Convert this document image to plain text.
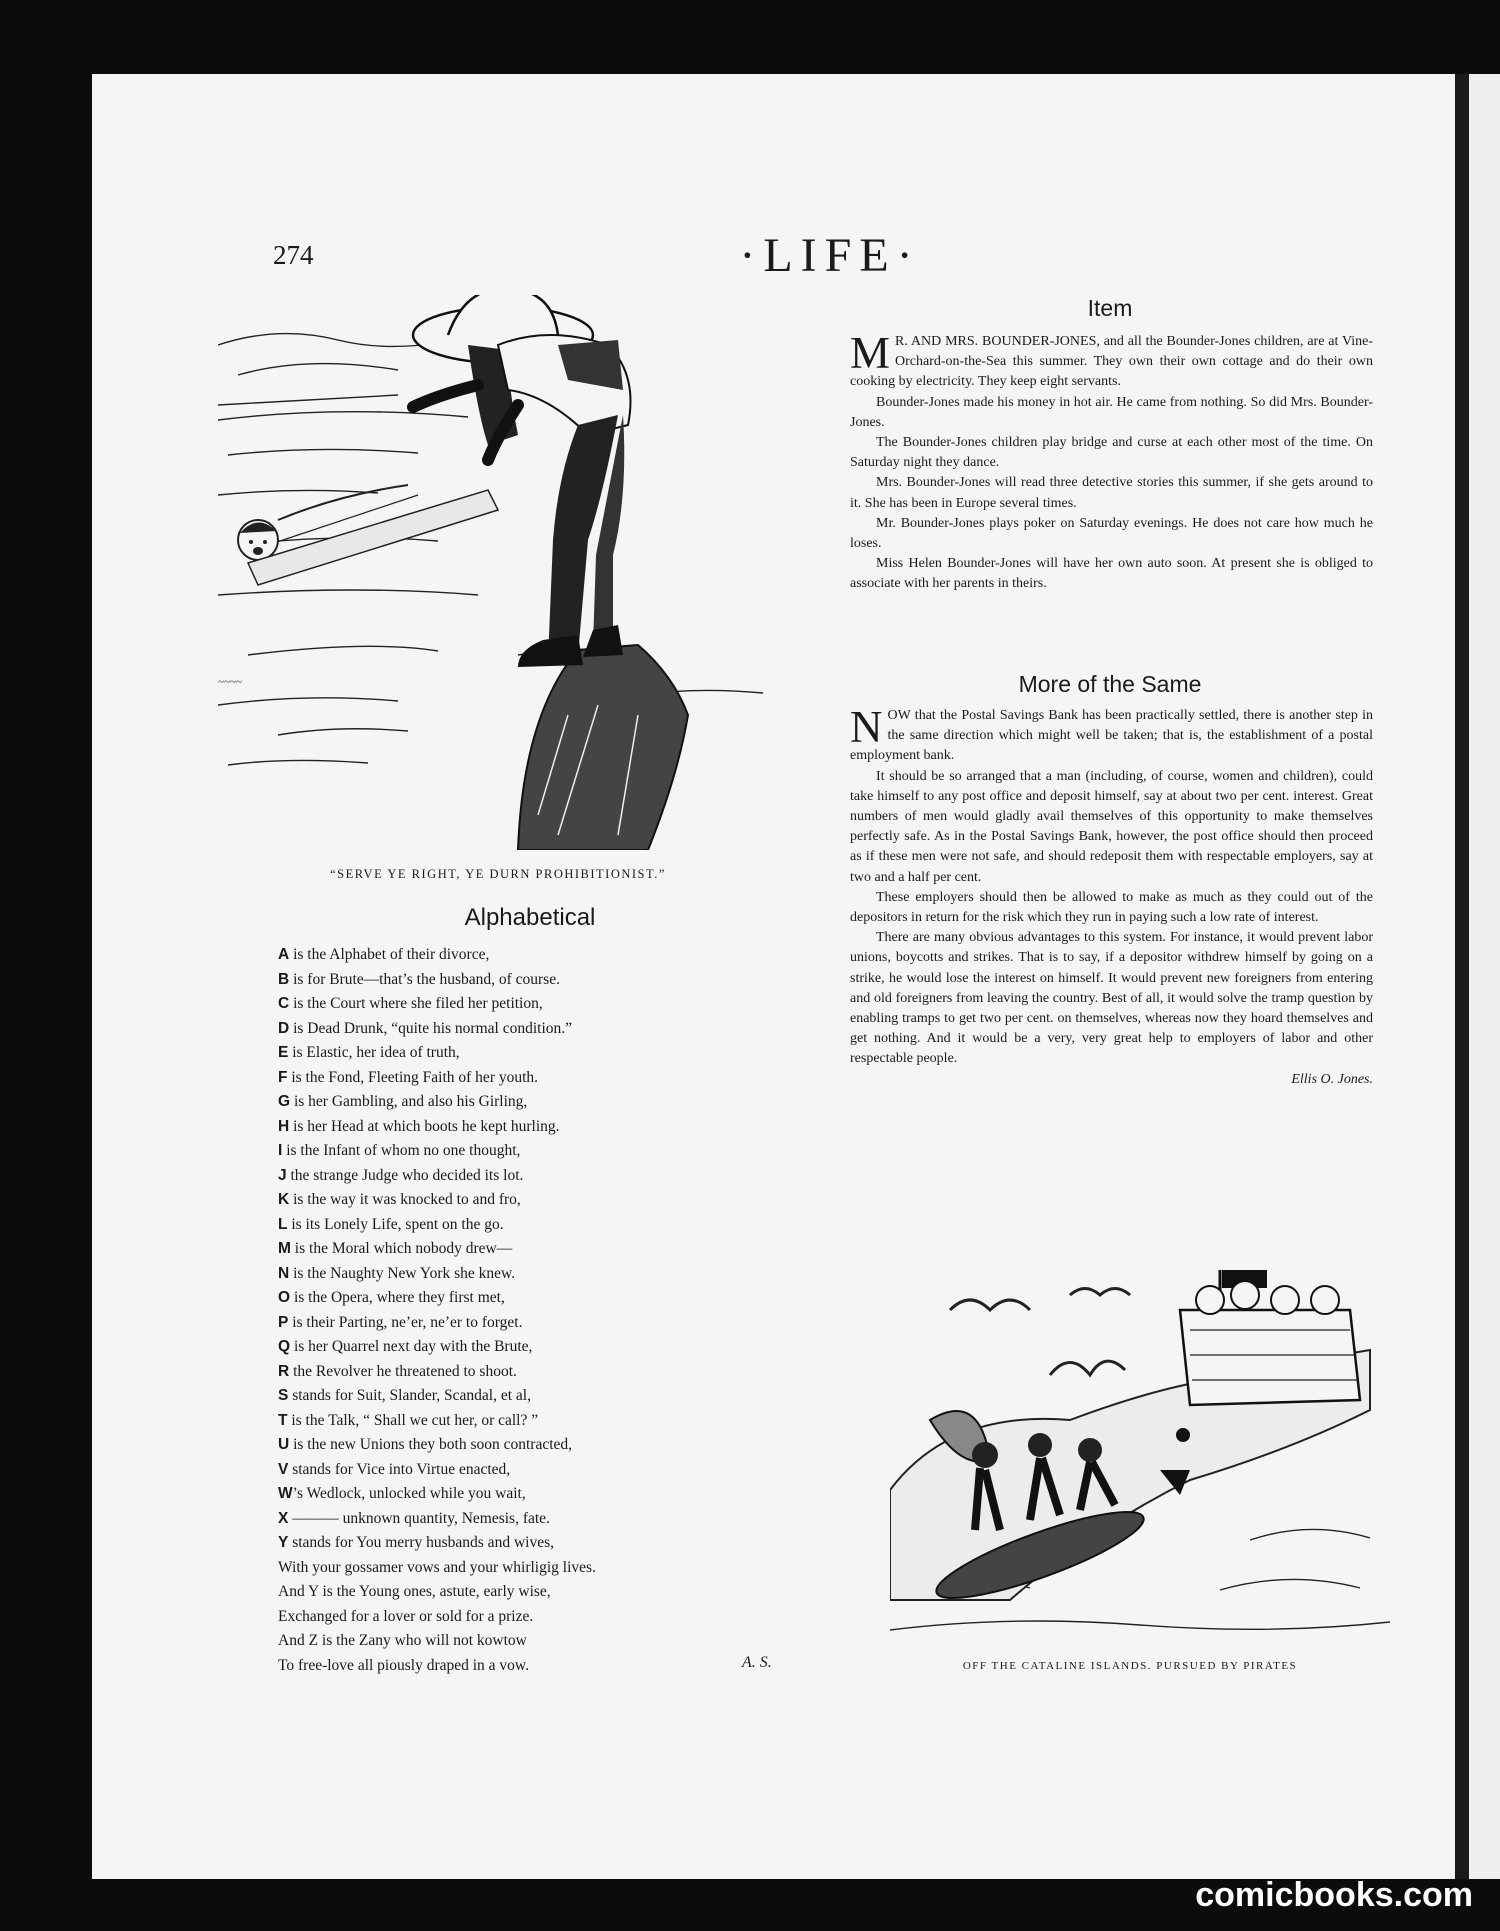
274	·LIFE·
~~~~
“SERVE YE RIGHT, YE DURN PROHIBITIONIST.”
Alphabetical
A is the Alphabet of their divorce,
B is for Brute—that’s the husband, of course.
C is the Court where she filed her petition,
D is Dead Drunk, “quite his normal condition.”
E is Elastic, her idea of truth,
F is the Fond, Fleeting Faith of her youth.
G is her Gambling, and also his Girling,
H is her Head at which boots he kept hurling.
I is the Infant of whom no one thought,
J the strange Judge who decided its lot.
K is the way it was knocked to and fro,
L is its Lonely Life, spent on the go.
M is the Moral which nobody drew—
N is the Naughty New York she knew.
O is the Opera, where they first met,
P is their Parting, ne’er, ne’er to forget.
Q is her Quarrel next day with the Brute,
R the Revolver he threatened to shoot.
S stands for Suit, Slander, Scandal, et al,
T is the Talk, “ Shall we cut her, or call? ”
U is the new Unions they both soon contracted,
V stands for Vice into Virtue enacted,
W’s Wedlock, unlocked while you wait,
X ——— unknown quantity, Nemesis, fate.
Y stands for You merry husbands and wives,
With your gossamer vows and your whirligig lives.
And Y is the Young ones, astute, early wise,
Exchanged for a lover or sold for a prize.
And Z is the Zany who will not kowtow
To free-love all piously draped in a vow.	A. S.
Item

M R. AND MRS. BOUNDER-JONES, and all the Bounder-Jones children, are at Vine-Orchard-on-the-Sea this summer. They own their own cottage and do their own cooking by electricity. They keep eight servants.

Bounder-Jones made his money in hot air. He came from nothing. So did Mrs. Bounder-Jones.

The Bounder-Jones children play bridge and curse at each other most of the time. On Saturday night they dance.

Mrs. Bounder-Jones will read three detective stories this summer, if she gets around to it. She has been in Europe several times.

Mr. Bounder-Jones plays poker on Saturday evenings. He does not care how much he loses.

Miss Helen Bounder-Jones will have her own auto soon. At present she is obliged to associate with her parents in theirs.

More of the Same

NOW that the Postal Savings Bank has been practically settled, there is another step in the same direction which might well be taken; that is, the establishment of a postal employment bank.

It should be so arranged that a man (including, of course, women and children), could take himself to any post office and deposit himself, say at about two per cent. interest. Great numbers of men would gladly avail themselves of this opportunity to make themselves perfectly safe. As in the Postal Savings Bank, however, the post office should then proceed as if these men were not safe, and should redeposit them with respectable employers, say at two and a half per cent.

These employers should then be allowed to make as much as they could out of the depositors in return for the risk which they run in paying such a low rate of interest.

There are many obvious advantages to this system. For instance, it would prevent labor unions, boycotts and strikes. That is to say, if a depositor withdrew himself by going on a strike, he would lose the interest on himself. It would prevent new foreigners from entering and old foreigners from leaving the country. Best of all, it would solve the tramp question by enabling tramps to get two per cent. on themselves, whereas now they hoard themselves and get nothing. And it would be a very, very great help to employers of labor and other respectable people.

Ellis O. Jones.
OFF THE CATALINE ISLANDS. PURSUED BY PIRATES
comicbooks.com
